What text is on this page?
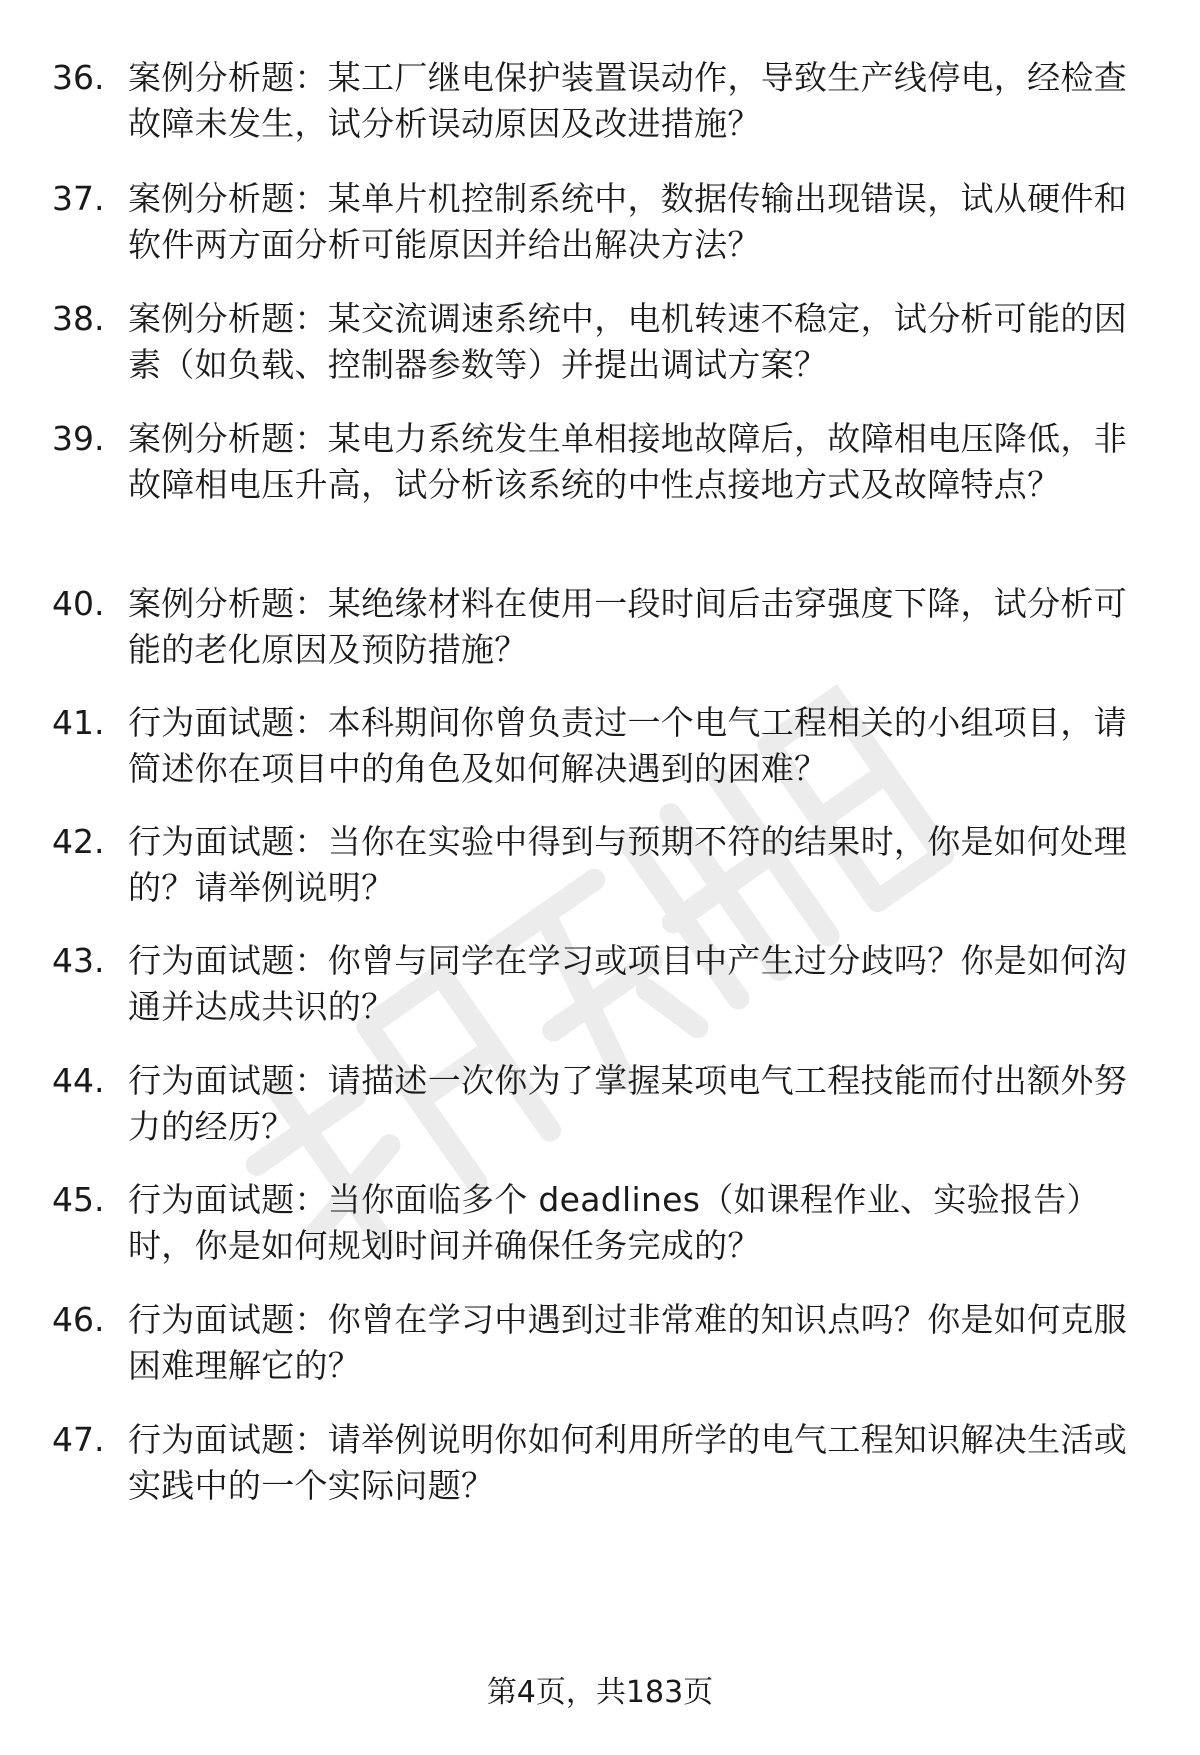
36. 案例分析题：某工厂继电保护装置误动作，导致生产线停电，经检查故障未发生，试分析误动原因及改进措施？
37. 案例分析题：某单片机控制系统中，数据传输出现错误，试从硬件和软件两方面分析可能原因并给出解决方法？
38. 案例分析题：某交流调速系统中，电机转速不稳定，试分析可能的因素（如负载、控制器参数等）并提出调试方案？
39. 案例分析题：某电力系统发生单相接地故障后，故障相电压降低，非故障相电压升高，试分析该系统的中性点接地方式及故障特点？
40. 案例分析题：某绝缘材料在使用一段时间后击穿强度下降，试分析可能的老化原因及预防措施？
41. 行为面试题：本科期间你曾负责过一个电气工程相关的小组项目，请简述你在项目中的角色及如何解决遇到的困难？
42. 行为面试题：当你在实验中得到与预期不符的结果时，你是如何处理的？请举例说明？
43. 行为面试题：你曾与同学在学习或项目中产生过分歧吗？你是如何沟通并达成共识的？
44. 行为面试题：请描述一次你为了掌握某项电气工程技能而付出额外努力的经历？
45. 行为面试题：当你面临多个 deadlines（如课程作业、实验报告）时，你是如何规划时间并确保任务完成的？
46. 行为面试题：你曾在学习中遇到过非常难的知识点吗？你是如何克服困难理解它的？
47. 行为面试题：请举例说明你如何利用所学的电气工程知识解决生活或实践中的一个实际问题？
第4页，共183页
